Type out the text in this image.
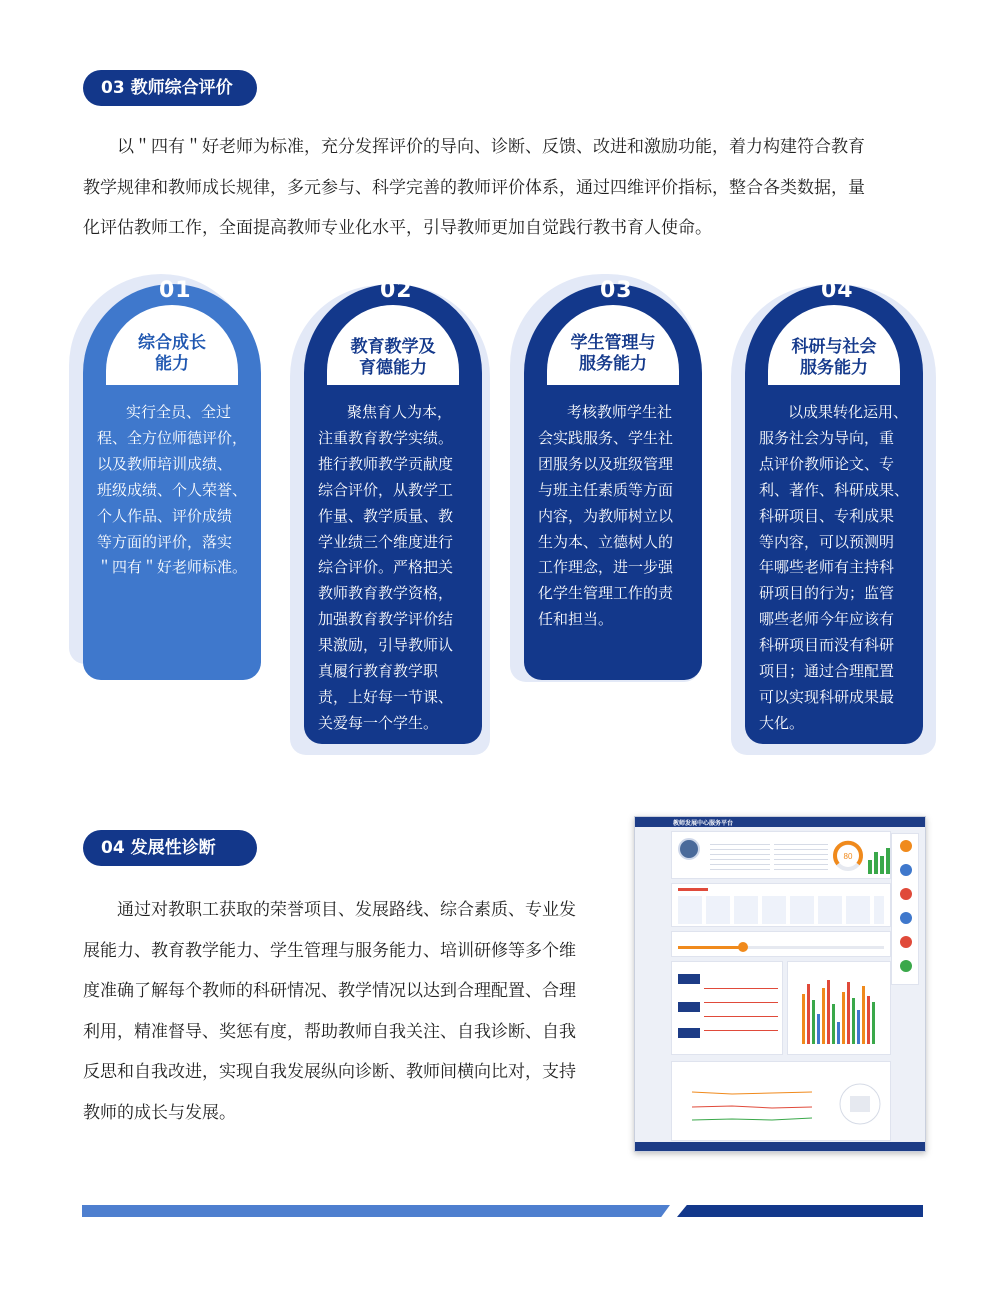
03 教师综合评价
以＂四有＂好老师为标准，充分发挥评价的导向、诊断、反馈、改进和激励功能，着力构建符合教育
教学规律和教师成长规律，多元参与、科学完善的教师评价体系，通过四维评价指标，整合各类数据，量
化评估教师工作，全面提高教师专业化水平，引导教师更加自觉践行教书育人使命。
01
综合成长
能力
实行全员、全过
程、全方位师德评价，
以及教师培训成绩、
班级成绩、个人荣誉、
个人作品、评价成绩
等方面的评价，落实
＂四有＂好老师标准。
02
教育教学及
育德能力
聚焦育人为本，
注重教育教学实绩。
推行教师教学贡献度
综合评价，从教学工
作量、教学质量、教
学业绩三个维度进行
综合评价。严格把关
教师教育教学资格，
加强教育教学评价结
果激励，引导教师认
真履行教育教学职
责，上好每一节课、
关爱每一个学生。
03
学生管理与
服务能力
考核教师学生社
会实践服务、学生社
团服务以及班级管理
与班主任素质等方面
内容，为教师树立以
生为本、立德树人的
工作理念，进一步强
化学生管理工作的责
任和担当。
04
科研与社会
服务能力
以成果转化运用、
服务社会为导向，重
点评价教师论文、专
利、著作、科研成果、
科研项目、专利成果
等内容，可以预测明
年哪些老师有主持科
研项目的行为；监管
哪些老师今年应该有
科研项目而没有科研
项目；通过合理配置
可以实现科研成果最
大化。
04 发展性诊断
通过对教职工获取的荣誉项目、发展路线、综合素质、专业发
展能力、教育教学能力、学生管理与服务能力、培训研修等多个维
度准确了解每个教师的科研情况、教学情况以达到合理配置、合理
利用，精准督导、奖惩有度，帮助教师自我关注、自我诊断、自我
反思和自我改进，实现自我发展纵向诊断、教师间横向比对，支持
教师的成长与发展。
教师发展中心服务平台
80
